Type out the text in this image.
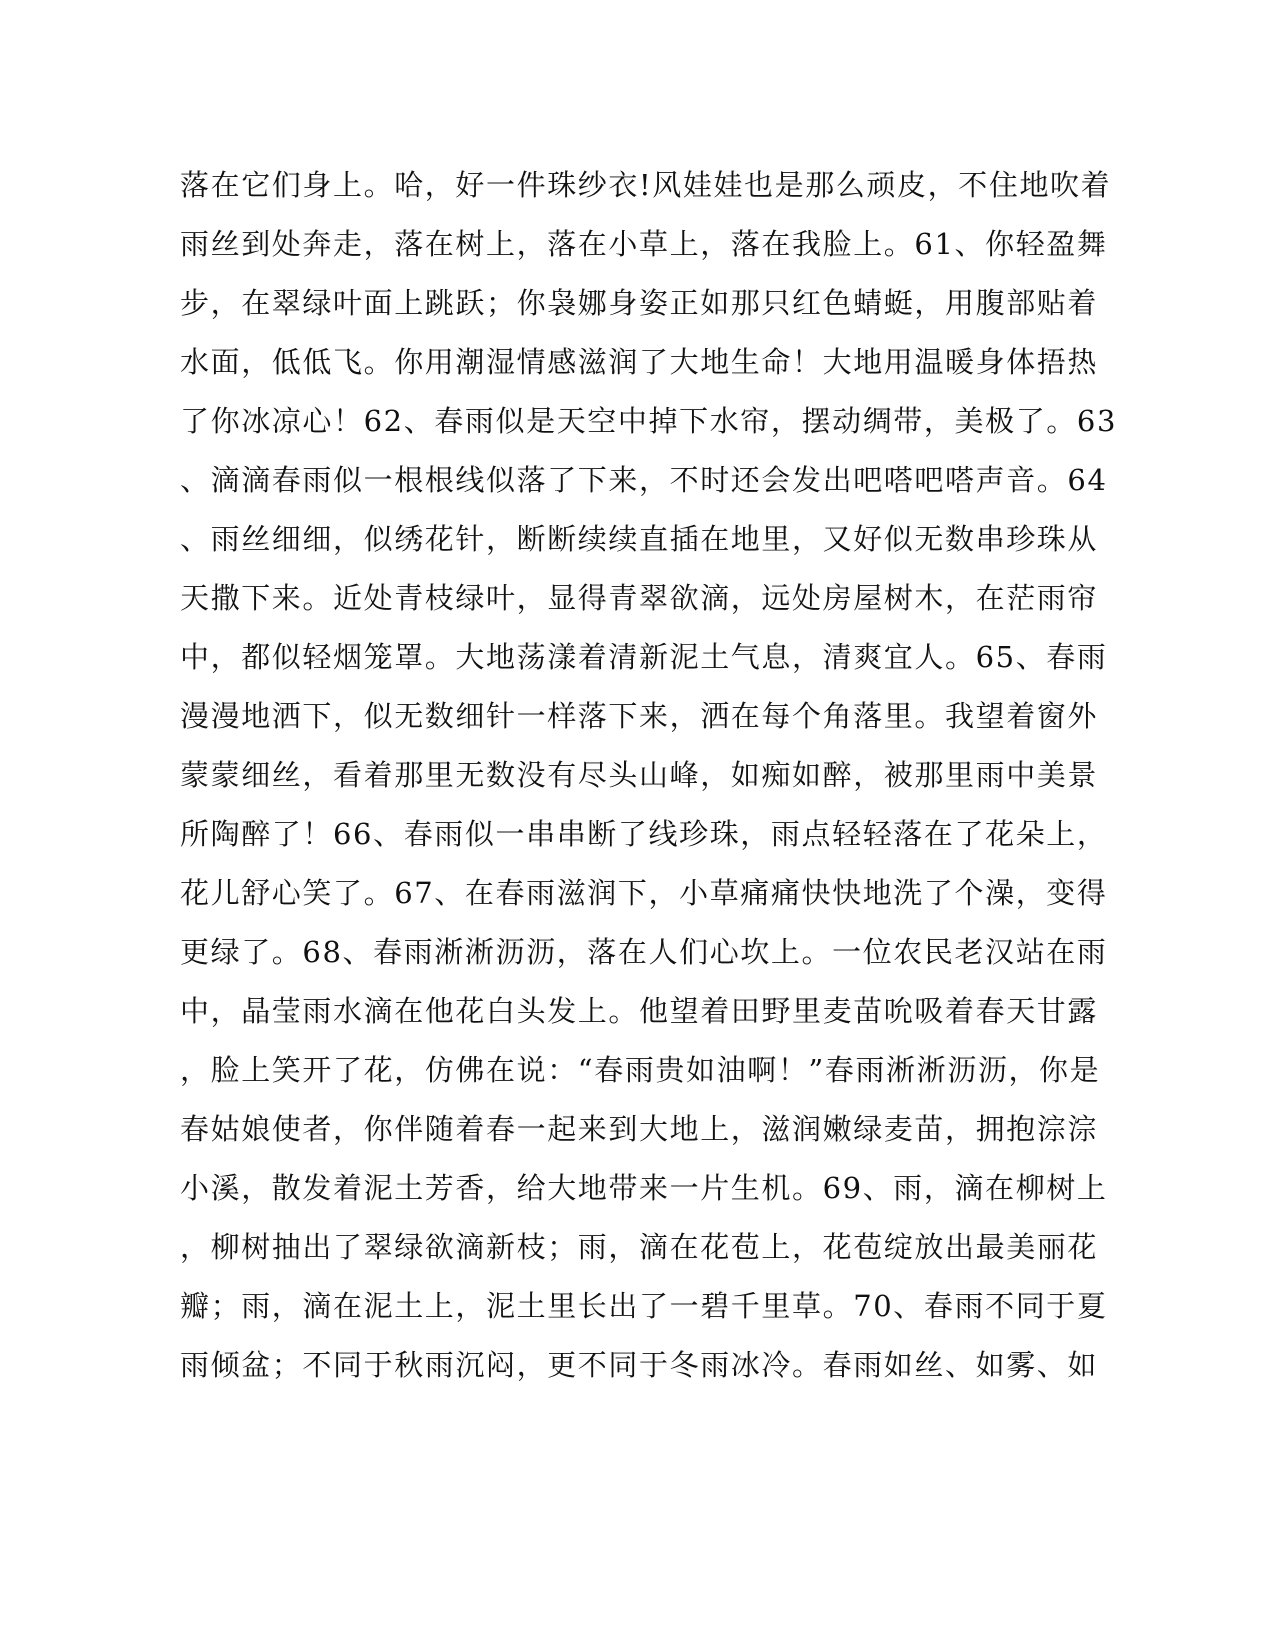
落在它们身上。哈，好一件珠纱衣!风娃娃也是那么顽皮，不住地吹着
雨丝到处奔走，落在树上，落在小草上，落在我脸上。61、你轻盈舞
步，在翠绿叶面上跳跃；你袅娜身姿正如那只红色蜻蜓，用腹部贴着
水面，低低飞。你用潮湿情感滋润了大地生命！大地用温暖身体捂热
了你冰凉心！62、春雨似是天空中掉下水帘，摆动绸带，美极了。63
、滴滴春雨似一根根线似落了下来，不时还会发出吧嗒吧嗒声音。64
、雨丝细细，似绣花针，断断续续直插在地里，又好似无数串珍珠从
天撒下来。近处青枝绿叶，显得青翠欲滴，远处房屋树木，在茫雨帘
中，都似轻烟笼罩。大地荡漾着清新泥土气息，清爽宜人。65、春雨
漫漫地洒下，似无数细针一样落下来，洒在每个角落里。我望着窗外
蒙蒙细丝，看着那里无数没有尽头山峰，如痴如醉，被那里雨中美景
所陶醉了！66、春雨似一串串断了线珍珠，雨点轻轻落在了花朵上，
花儿舒心笑了。67、在春雨滋润下，小草痛痛快快地洗了个澡，变得
更绿了。68、春雨淅淅沥沥，落在人们心坎上。一位农民老汉站在雨
中，晶莹雨水滴在他花白头发上。他望着田野里麦苗吮吸着春天甘露
，脸上笑开了花，仿佛在说：“春雨贵如油啊！”春雨淅淅沥沥，你是
春姑娘使者，你伴随着春一起来到大地上，滋润嫩绿麦苗，拥抱淙淙
小溪，散发着泥土芳香，给大地带来一片生机。69、雨，滴在柳树上
，柳树抽出了翠绿欲滴新枝；雨，滴在花苞上，花苞绽放出最美丽花
瓣；雨，滴在泥土上，泥土里长出了一碧千里草。70、春雨不同于夏
雨倾盆；不同于秋雨沉闷，更不同于冬雨冰冷。春雨如丝、如雾、如
